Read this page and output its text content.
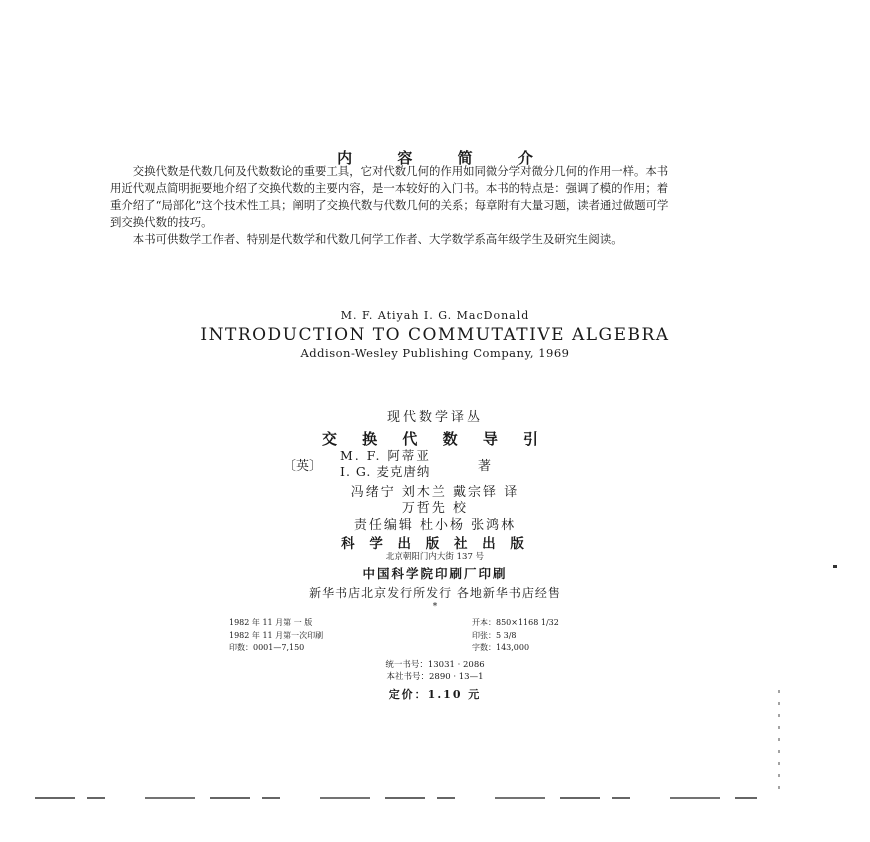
内 容 简 介

交换代数是代数几何及代数数论的重要工具，它对代数几何的作用如同微分学对微分几何的作用一样。本书用近代观点简明扼要地介绍了交换代数的主要内容，是一本较好的入门书。本书的特点是：强调了模的作用；着重介绍了“局部化”这个技术性工具；阐明了交换代数与代数几何的关系；每章附有大量习题，读者通过做题可学到交换代数的技巧。

本书可供数学工作者、特别是代数学和代数几何学工作者、大学数学系高年级学生及研究生阅读。

M. F. Atiyah I. G. MacDonald
INTRODUCTION TO COMMUTATIVE ALGEBRA
Addison-Wesley Publishing Company, 1969
现代数学译丛
交 换 代 数 导 引
〔英〕
M. F. 阿蒂亚
I. G. 麦克唐纳	著
冯绪宁 刘木兰 戴宗铎 译
万哲先 校
责任编辑 杜小杨 张鸿林
科 学 出 版 社 出 版
北京朝阳门内大街 137 号
中国科学院印刷厂印刷
新华书店北京发行所发行 各地新华书店经售
*
1982 年 11 月第 一 版	开本：850×1168 1/32
1982 年 11 月第一次印刷	印张：5 3/8
印数：0001—7,150	字数：143,000
统一书号：13031 · 2086
本社书号：2890 · 13—1
定价：1.10 元
